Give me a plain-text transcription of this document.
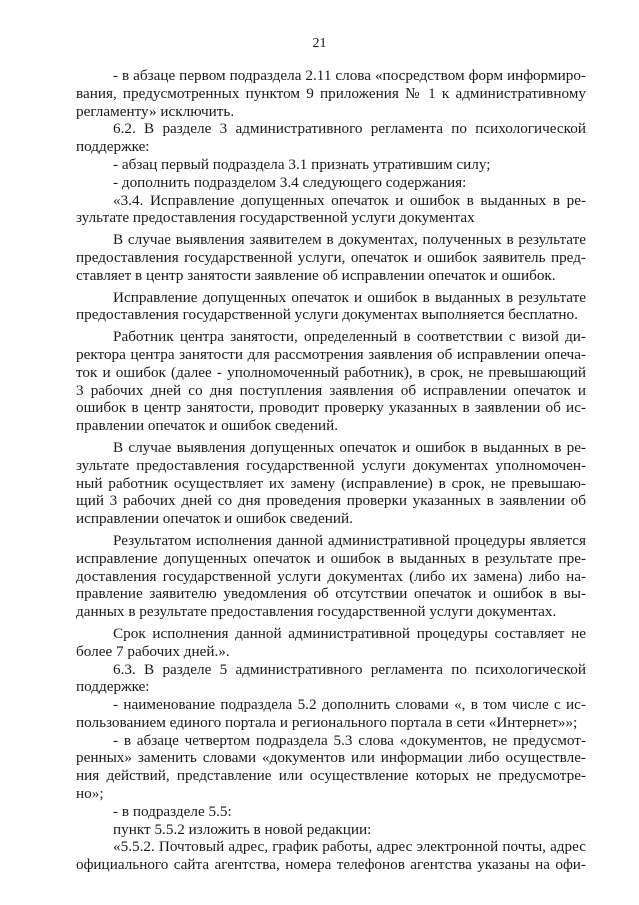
21
- в абзаце первом подраздела 2.11 слова «посредством форм информиро-
вания, предусмотренных пунктом 9 приложения № 1 к административному
регламенту» исключить.
6.2. В разделе 3 административного регламента по психологической
поддержке:
- абзац первый подраздела 3.1 признать утратившим силу;
- дополнить подразделом 3.4 следующего содержания:
«3.4. Исправление допущенных опечаток и ошибок в выданных в ре-
зультате предоставления государственной услуги документах
В случае выявления заявителем в документах, полученных в результате
предоставления государственной услуги, опечаток и ошибок заявитель пред-
ставляет в центр занятости заявление об исправлении опечаток и ошибок.
Исправление допущенных опечаток и ошибок в выданных в результате
предоставления государственной услуги документах выполняется бесплатно.
Работник центра занятости, определенный в соответствии с визой ди-
ректора центра занятости для рассмотрения заявления об исправлении опеча-
ток и ошибок (далее - уполномоченный работник), в срок, не превышающий
3 рабочих дней со дня поступления заявления об исправлении опечаток и
ошибок в центр занятости, проводит проверку указанных в заявлении об ис-
правлении опечаток и ошибок сведений.
В случае выявления допущенных опечаток и ошибок в выданных в ре-
зультате предоставления государственной услуги документах уполномочен-
ный работник осуществляет их замену (исправление) в срок, не превышаю-
щий 3 рабочих дней со дня проведения проверки указанных в заявлении об
исправлении опечаток и ошибок сведений.
Результатом исполнения данной административной процедуры является
исправление допущенных опечаток и ошибок в выданных в результате пре-
доставления государственной услуги документах (либо их замена) либо на-
правление заявителю уведомления об отсутствии опечаток и ошибок в вы-
данных в результате предоставления государственной услуги документах.
Срок исполнения данной административной процедуры составляет не
более 7 рабочих дней.».
6.3. В разделе 5 административного регламента по психологической
поддержке:
- наименование подраздела 5.2 дополнить словами «, в том числе с ис-
пользованием единого портала и регионального портала в сети «Интернет»»;
- в абзаце четвертом подраздела 5.3 слова «документов, не предусмот-
ренных» заменить словами «документов или информации либо осуществле-
ния действий, представление или осуществление которых не предусмотре-
но»;
- в подразделе 5.5:
пункт 5.5.2 изложить в новой редакции:
«5.5.2. Почтовый адрес, график работы, адрес электронной почты, адрес
официального сайта агентства, номера телефонов агентства указаны на офи-
